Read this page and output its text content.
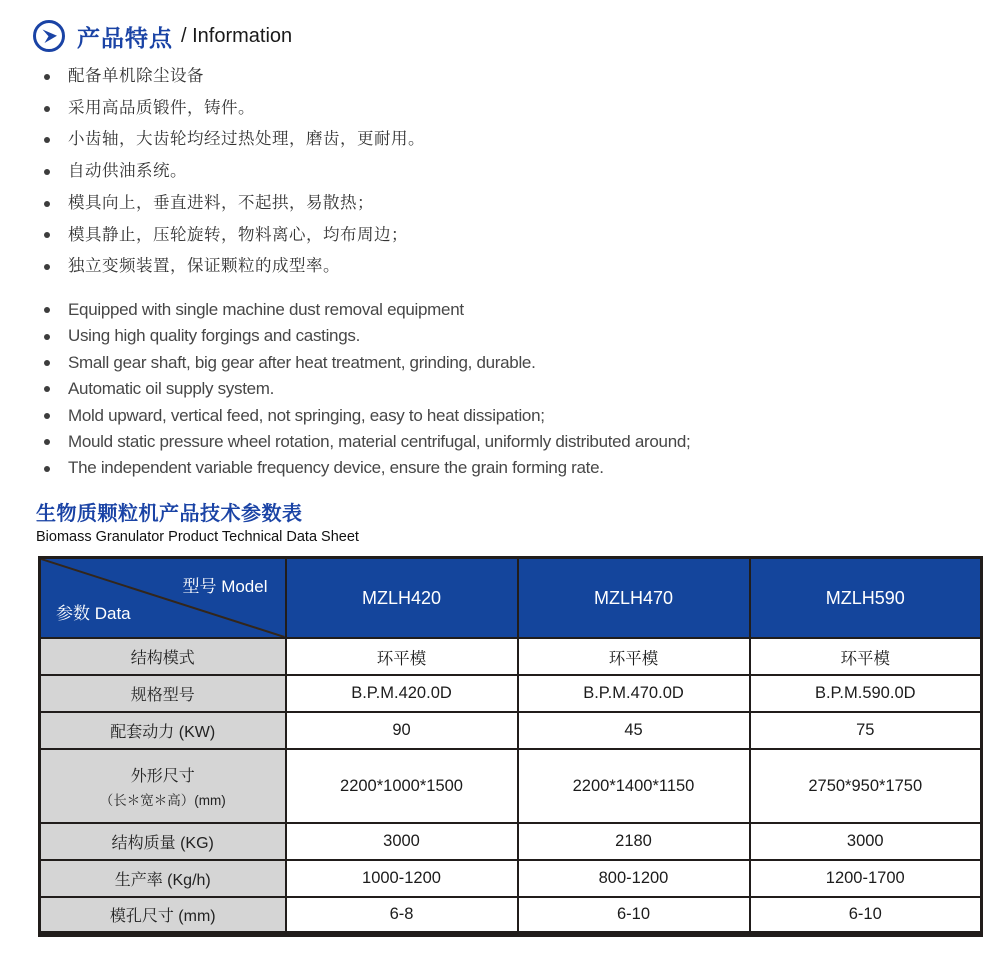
产品特点 / Information
配备单机除尘设备
采用高品质锻件，铸件。
小齿轴，大齿轮均经过热处理，磨齿，更耐用。
自动供油系统。
模具向上，垂直进料，不起拱，易散热；
模具静止，压轮旋转，物料离心，均布周边；
独立变频装置，保证颗粒的成型率。
Equipped with single machine dust removal equipment
Using high quality forgings and castings.
Small gear shaft, big gear after heat treatment, grinding, durable.
Automatic oil supply system.
Mold upward, vertical feed, not springing, easy to heat dissipation;
Mould static pressure wheel rotation, material centrifugal, uniformly distributed around;
The independent variable frequency device, ensure the grain forming rate.
生物质颗粒机产品技术参数表
Biomass Granulator Product Technical Data Sheet
型号 Model
参数 Data	MZLH420	MZLH470	MZLH590
结构模式	环平模	环平模	环平模
规格型号	B.P.M.420.0D	B.P.M.470.0D	B.P.M.590.0D
配套动力 (KW)	90	45	75

外形尺寸
（长＊宽＊高）(mm)	2200*1000*1500	2200*1400*1150	2750*950*1750
结构质量 (KG)	3000	2180	3000
生产率 (Kg/h)	1000-1200	800-1200	1200-1700
模孔尺寸 (mm)	6-8	6-10	6-10
